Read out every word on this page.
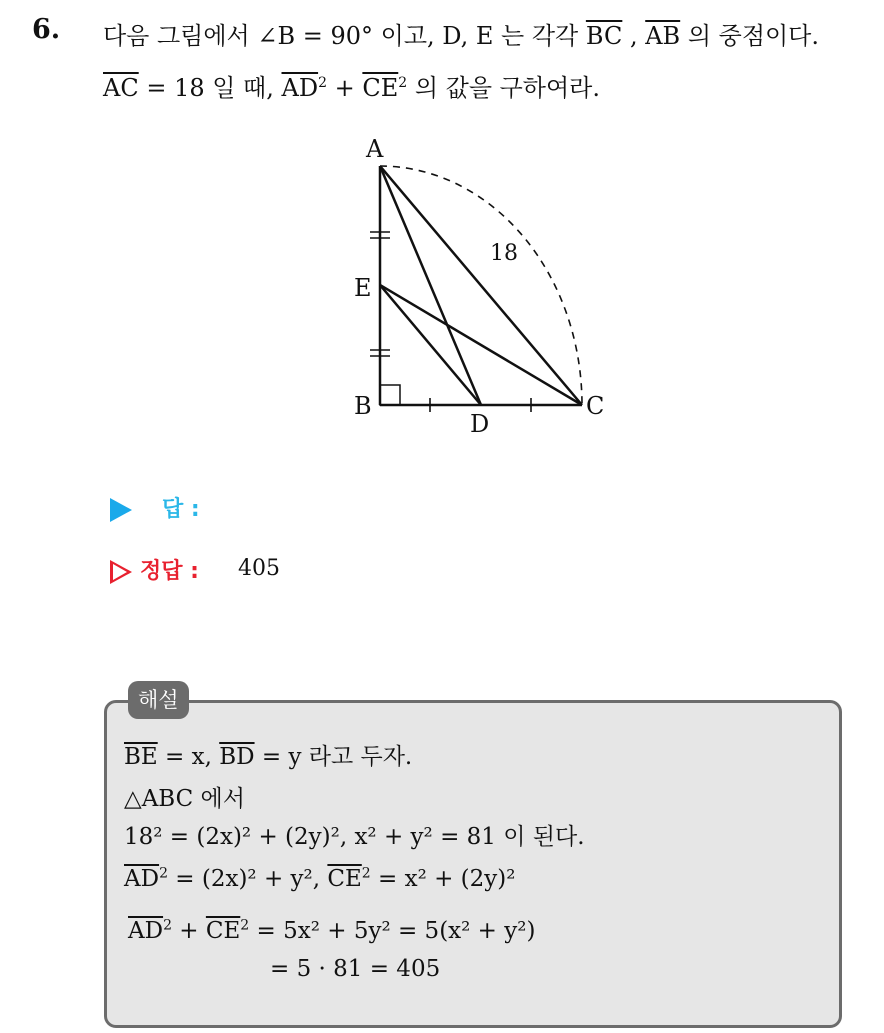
6. 다음 그림에서 ∠B = 90° 이고, D, E 는 각각 $\overline{BC}$ , $\overline{AB}$ 의 중점이다.
$\overline{AC} = 18$ 일 때, $\overline{AD}^2 + \overline{CE}^2$ 의 값을 구하여라.
A
E
B
D
C
18
답 :
정답 : 405
해설
$\overline{BE} = x$, $\overline{BD} = y$ 라고 두자.
△ABC 에서
18² = (2x)² + (2y)², x² + y² = 81 이 된다.
$\overline{AD}^2 = (2x)^2 + y^2$, $\overline{CE}^2 = x^2 + (2y)^2$
$\overline{AD}^2 + \overline{CE}^2 = 5x^2 + 5y^2 = 5(x^2 + y^2)$
= 5 · 81 = 405
